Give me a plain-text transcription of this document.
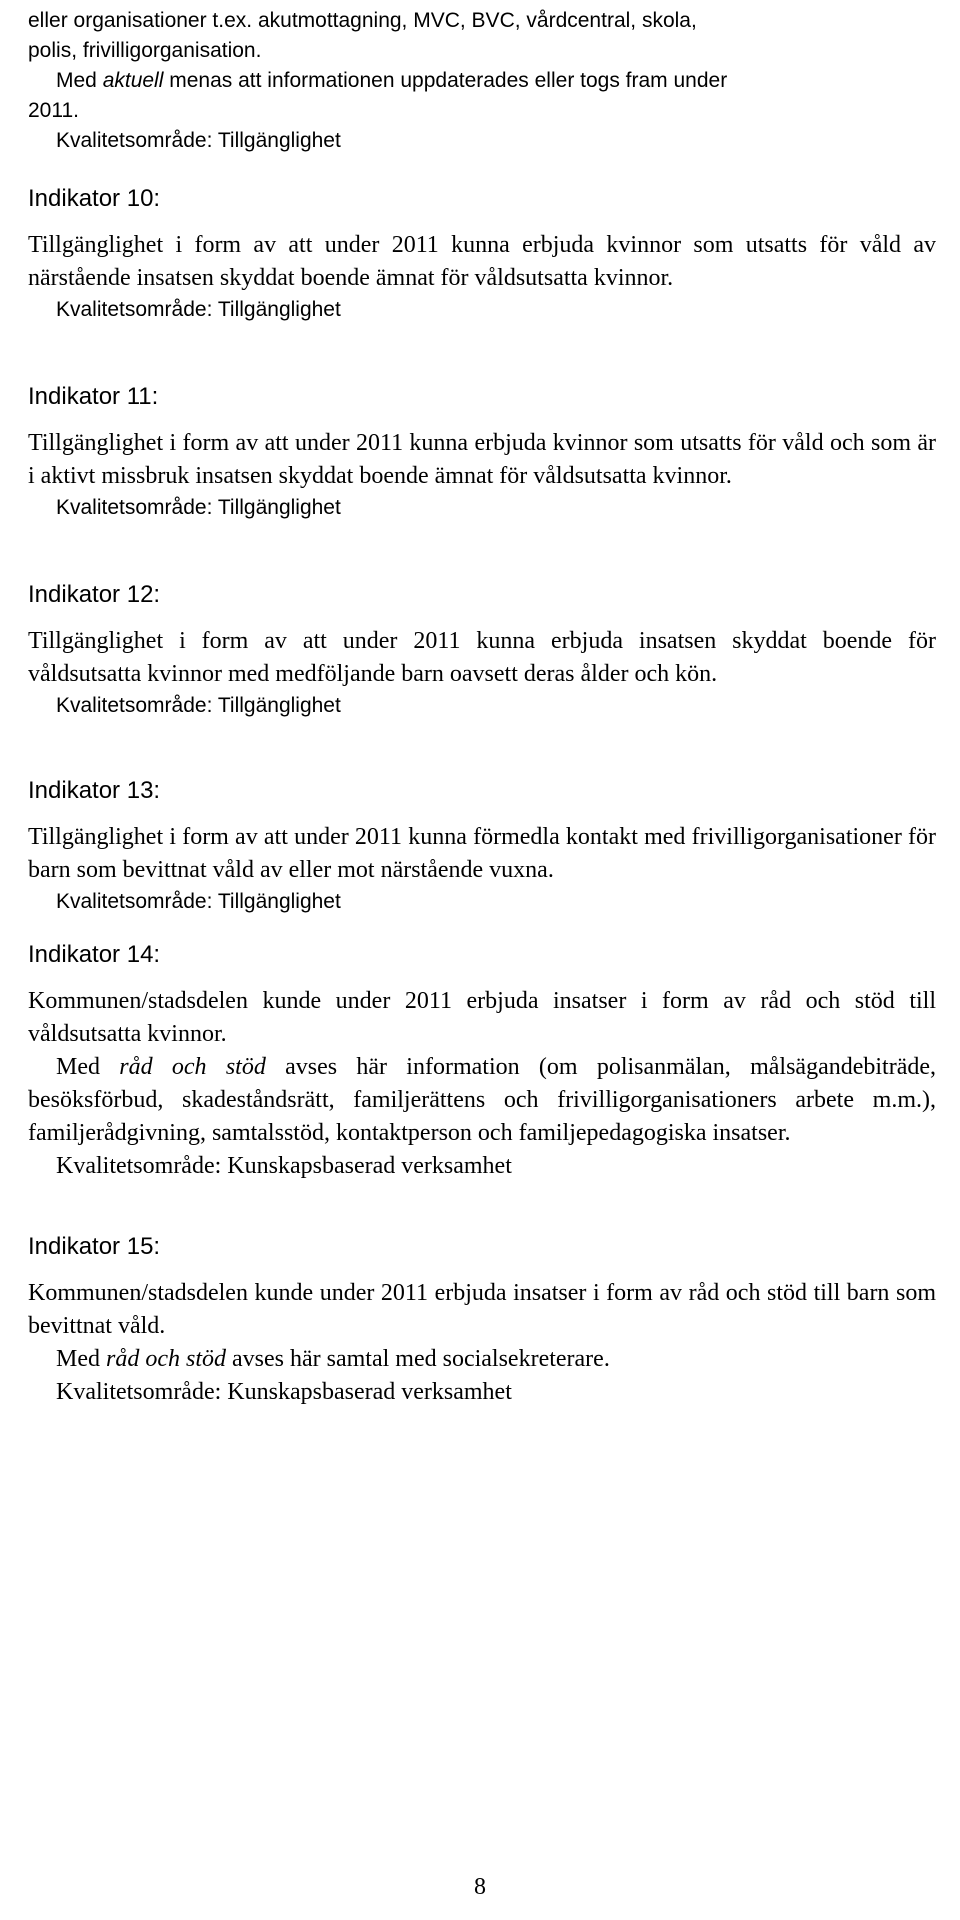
eller organisationer t.ex. akutmottagning, MVC, BVC, vårdcentral, skola,

polis, frivilligorganisation.

Med aktuell menas att informationen uppdaterades eller togs fram under

2011.

Kvalitetsområde: Tillgänglighet

Indikator 10:

Tillgänglighet i form av att under 2011 kunna erbjuda kvinnor som utsatts för våld av närstående insatsen skyddat boende ämnat för våldsutsatta kvinnor.

Kvalitetsområde: Tillgänglighet

Indikator 11:

Tillgänglighet i form av att under 2011 kunna erbjuda kvinnor som utsatts för våld och som är i aktivt missbruk insatsen skyddat boende ämnat för våldsutsatta kvinnor.

Kvalitetsområde: Tillgänglighet

Indikator 12:

Tillgänglighet i form av att under 2011 kunna erbjuda insatsen skyddat boende för våldsutsatta kvinnor med medföljande barn oavsett deras ålder och kön.

Kvalitetsområde: Tillgänglighet

Indikator 13:

Tillgänglighet i form av att under 2011 kunna förmedla kontakt med frivilligorganisationer för barn som bevittnat våld av eller mot närstående vuxna.

Kvalitetsområde: Tillgänglighet

Indikator 14:

Kommunen/stadsdelen kunde under 2011 erbjuda insatser i form av råd och stöd till våldsutsatta kvinnor.

Med råd och stöd avses här information (om polisanmälan, målsägandebiträde, besöksförbud, skadeståndsrätt, familjerättens och frivilligorganisationers arbete m.m.), familjerådgivning, samtalsstöd, kontaktperson och familjepedagogiska insatser.

Kvalitetsområde: Kunskapsbaserad verksamhet

Indikator 15:

Kommunen/stadsdelen kunde under 2011 erbjuda insatser i form av råd och stöd till barn som bevittnat våld.

Med råd och stöd avses här samtal med socialsekreterare.

Kvalitetsområde: Kunskapsbaserad verksamhet

8
